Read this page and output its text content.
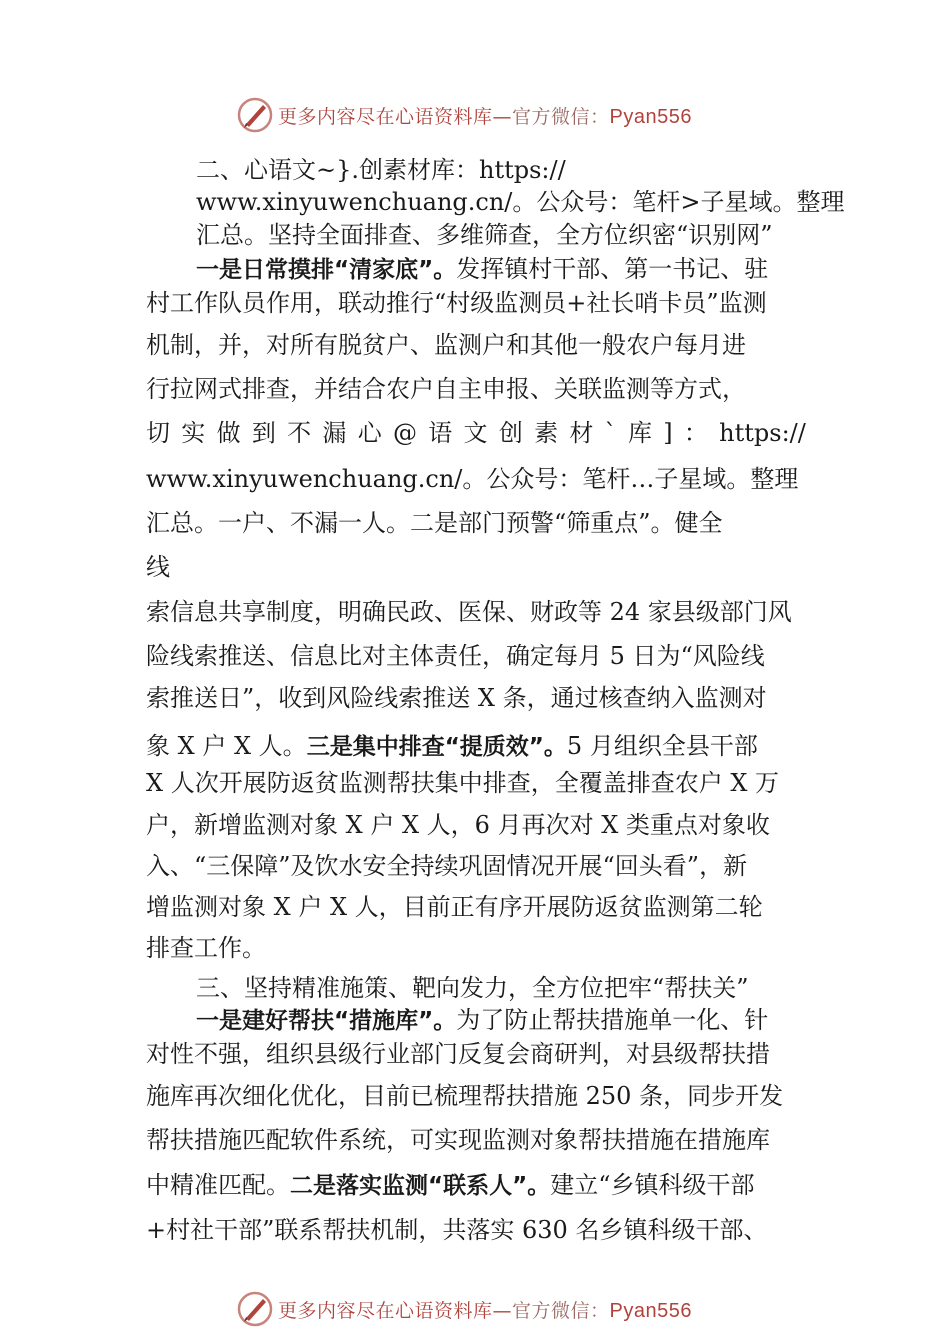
更多内容尽在心语资料库—官方微信：Pyan556
二、心语文~}.创素材库：https://
www.xinyuwenchuang.cn/。公众号：笔杆>子星域。整理
汇总。坚持全面排查、多维筛查，全方位织密“识别网”
一是日常摸排“清家底”。发挥镇村干部、第一书记、驻
村工作队员作用，联动推行“村级监测员+社长哨卡员”监测
机制，并，对所有脱贫户、监测户和其他一般农户每月进
行拉网式排查，并结合农户自主申报、关联监测等方式，
切 实 做 到 不 漏 心 @ 语 文 创 素 材 ` 库 ] ： https://
www.xinyuwenchuang.cn/。公众号：笔杆…子星域。整理
汇总。一户、不漏一人。二是部门预警“筛重点”。健全
线
索信息共享制度，明确民政、医保、财政等 24 家县级部门风
险线索推送、信息比对主体责任，确定每月 5 日为“风险线
索推送日”，收到风险线索推送 X 条，通过核查纳入监测对
象 X 户 X 人。三是集中排查“提质效”。5 月组织全县干部
X 人次开展防返贫监测帮扶集中排查，全覆盖排查农户 X 万
户，新增监测对象 X 户 X 人，6 月再次对 X 类重点对象收
入、“三保障”及饮水安全持续巩固情况开展“回头看”，新
增监测对象 X 户 X 人，目前正有序开展防返贫监测第二轮
排查工作。
三、坚持精准施策、靶向发力，全方位把牢“帮扶关”
一是建好帮扶“措施库”。为了防止帮扶措施单一化、针
对性不强，组织县级行业部门反复会商研判，对县级帮扶措
施库再次细化优化，目前已梳理帮扶措施 250 条，同步开发
帮扶措施匹配软件系统，可实现监测对象帮扶措施在措施库
中精准匹配。二是落实监测“联系人”。建立“乡镇科级干部
+村社干部”联系帮扶机制，共落实 630 名乡镇科级干部、
更多内容尽在心语资料库—官方微信：Pyan556
